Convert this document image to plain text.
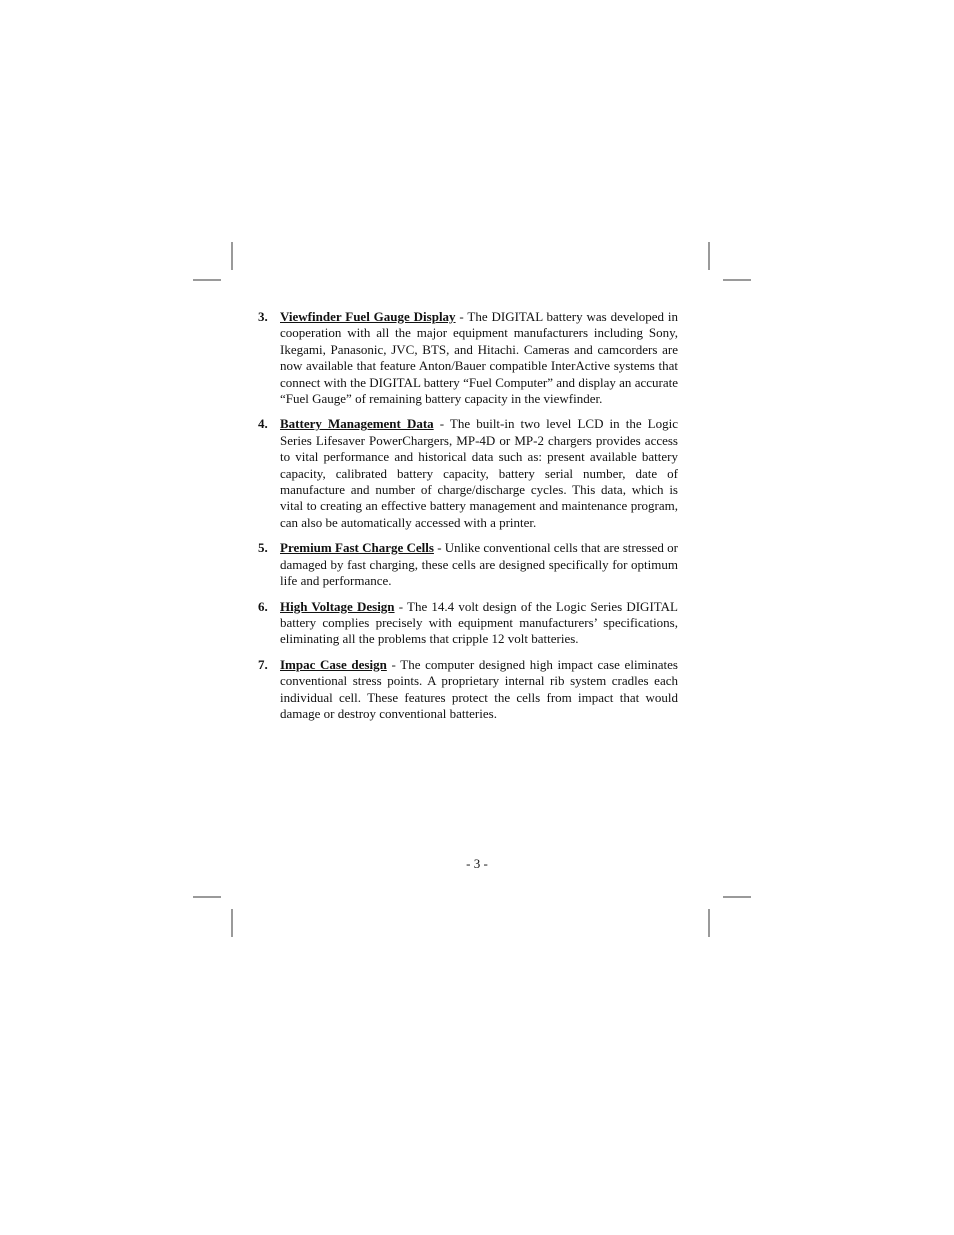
3. Viewfinder Fuel Gauge Display - The DIGITAL battery was developed in cooperation with all the major equipment manufacturers including Sony, Ikegami, Panasonic, JVC, BTS, and Hitachi. Cameras and camcorders are now available that feature Anton/Bauer compatible InterActive systems that connect with the DIGITAL battery “Fuel Computer” and display an accurate “Fuel Gauge” of remaining battery capacity in the viewfinder.
4. Battery Management Data - The built-in two level LCD in the Logic Series Lifesaver PowerChargers, MP-4D or MP-2 chargers provides access to vital performance and historical data such as: present available battery capacity, calibrated battery capacity, battery serial number, date of manufacture and number of charge/discharge cycles. This data, which is vital to creating an effective battery management and maintenance program, can also be automatically accessed with a printer.
5. Premium Fast Charge Cells - Unlike conventional cells that are stressed or damaged by fast charging, these cells are designed specifically for optimum life and performance.
6. High Voltage Design - The 14.4 volt design of the Logic Series DIGITAL battery complies precisely with equipment manufacturers’ specifications, eliminating all the problems that cripple 12 volt batteries.
7. Impac Case design - The computer designed high impact case eliminates conventional stress points. A proprietary internal rib system cradles each individual cell. These features protect the cells from impact that would damage or destroy conventional batteries.
- 3 -
